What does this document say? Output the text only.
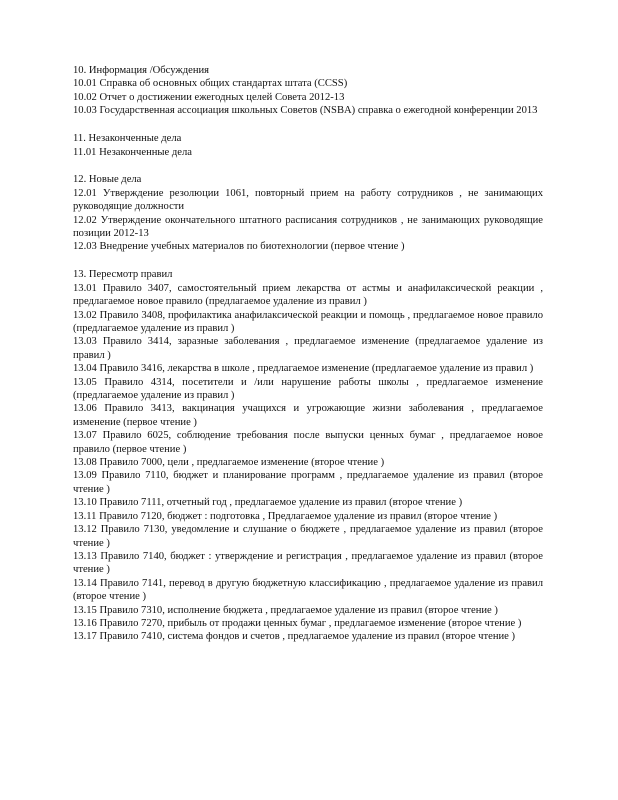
10. Информация /Обсуждения
10.01 Справка об основных общих стандартах штата (CCSS)
10.02 Отчет о достижении ежегодных целей Совета 2012-13
10.03 Государственная ассоциация школьных Советов (NSBA) справка о ежегодной конференции 2013
11. Незаконченные дела
11.01 Незаконченные дела
12. Новые дела
12.01 Утверждение резолюции 1061, повторный прием на работу сотрудников , не занимающих руководящие должности
12.02 Утверждение окончательного штатного расписания сотрудников , не занимающих руководящие позиции 2012-13
12.03 Внедрение учебных материалов по биотехнологии (первое чтение )
13. Пересмотр правил
13.01 Правило 3407, самостоятельный прием лекарства от астмы и анафилаксической реакции , предлагаемое новое правило (предлагаемое удаление из правил )
13.02 Правило 3408, профилактика анафилаксической реакции и помощь , предлагаемое новое правило (предлагаемое удаление из правил )
13.03 Правило 3414, заразные заболевания , предлагаемое изменение (предлагаемое удаление из правил )
13.04 Правило 3416, лекарства в школе , предлагаемое изменение (предлагаемое удаление из правил )
13.05 Правило 4314, посетители и /или нарушение работы школы , предлагаемое изменение (предлагаемое удаление из правил )
13.06 Правило 3413, вакцинация учащихся и угрожающие жизни заболевания , предлагаемое изменение (первое чтение )
13.07 Правило 6025, соблюдение требования после выпуски ценных бумаг , предлагаемое новое правило (первое чтение )
13.08 Правило 7000, цели , предлагаемое изменение (второе чтение )
13.09 Правило 7110, бюджет и планирование программ , предлагаемое удаление из правил (второе чтение )
13.10 Правило 7111, отчетный год , предлагаемое удаление из правил (второе чтение )
13.11 Правило 7120, бюджет : подготовка , Предлагаемое удаление из правил (второе чтение )
13.12 Правило 7130, уведомление и слушание о бюджете , предлагаемое удаление из правил (второе чтение )
13.13 Правило 7140, бюджет : утверждение и регистрация , предлагаемое удаление из правил (второе чтение )
13.14 Правило 7141, перевод в другую бюджетную классификацию , предлагаемое удаление из правил (второе чтение )
13.15 Правило 7310, исполнение бюджета , предлагаемое удаление из правил (второе чтение )
13.16 Правило 7270, прибыль от продажи ценных бумаг , предлагаемое изменение (второе чтение )
13.17 Правило 7410, система фондов и счетов , предлагаемое удаление из правил (второе чтение )
